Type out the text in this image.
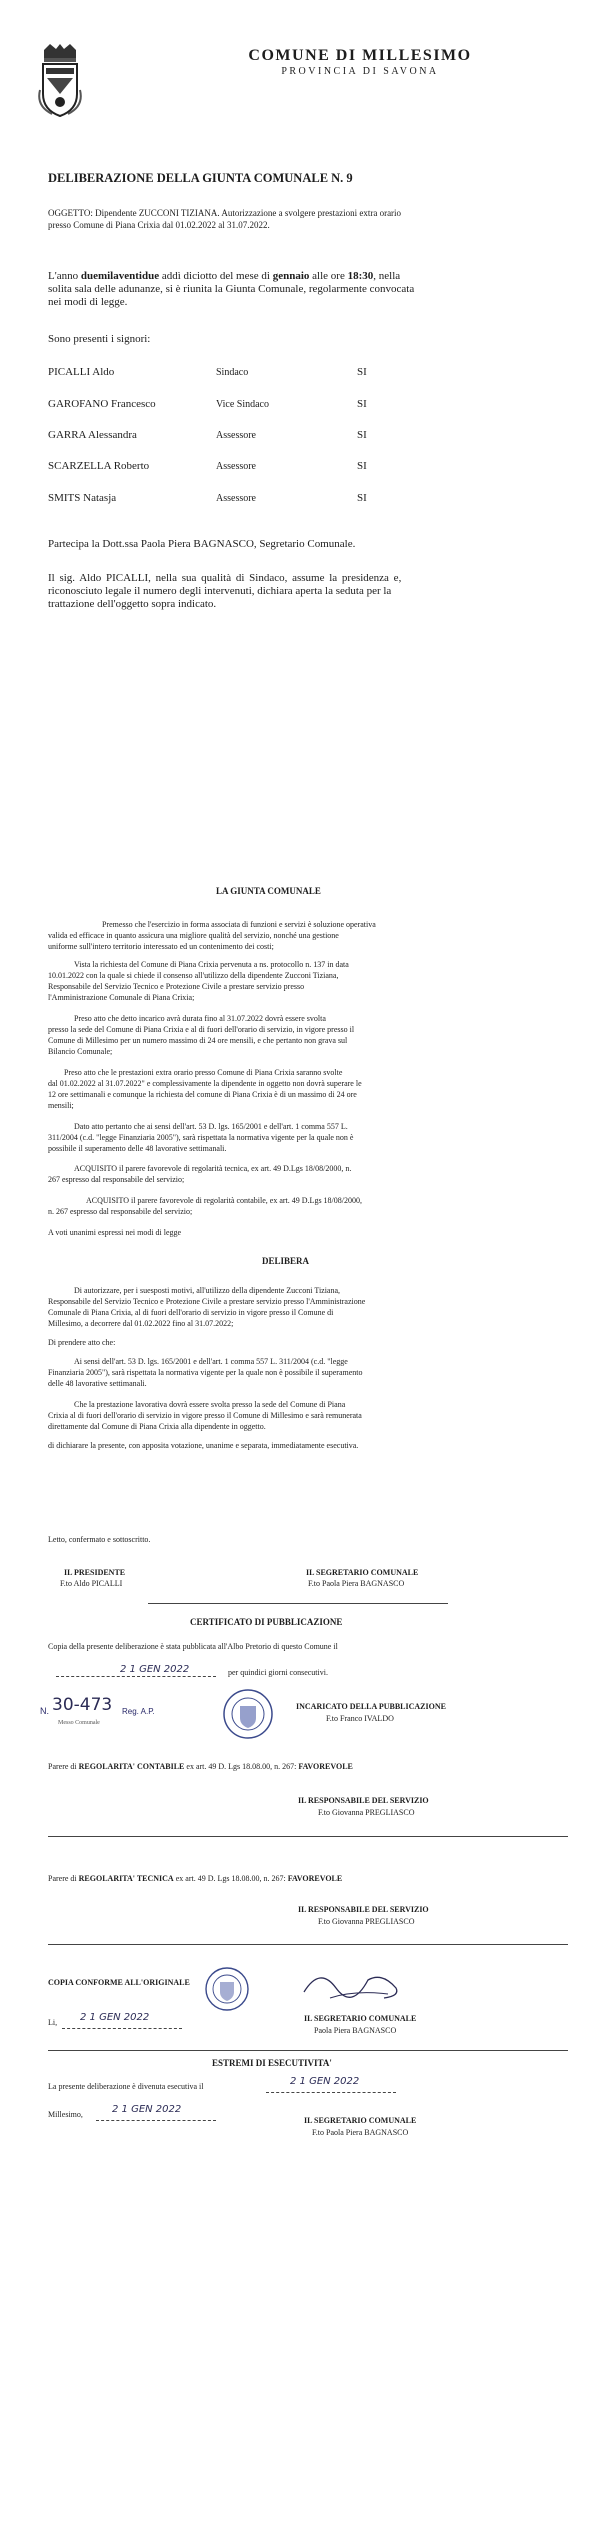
COMUNE DI MILLESIMO
PROVINCIA DI SAVONA
DELIBERAZIONE DELLA GIUNTA COMUNALE N. 9
OGGETTO: Dipendente ZUCCONI TIZIANA. Autorizzazione a svolgere prestazioni extra orario
presso Comune di Piana Crixia dal 01.02.2022 al 31.07.2022.
L'anno duemilaventidue addì diciotto del mese di gennaio alle ore 18:30, nella
solita sala delle adunanze, si è riunita la Giunta Comunale, regolarmente convocata
nei modi di legge.
Sono presenti i signori:
PICALLI Aldo	Sindaco	SI
GAROFANO Francesco	Vice Sindaco	SI
GARRA Alessandra	Assessore	SI
SCARZELLA Roberto	Assessore	SI
SMITS Natasja	Assessore	SI
Partecipa la Dott.ssa Paola Piera BAGNASCO, Segretario Comunale.
Il sig. Aldo PICALLI, nella sua qualità di Sindaco, assume la presidenza e,
riconosciuto legale il numero degli intervenuti, dichiara aperta la seduta per la
trattazione dell'oggetto sopra indicato.
LA GIUNTA COMUNALE
Premesso che l'esercizio in forma associata di funzioni e servizi è soluzione operativa
valida ed efficace in quanto assicura una migliore qualità del servizio, nonché una gestione
uniforme sull'intero territorio interessato ed un contenimento dei costi;
Vista la richiesta del Comune di Piana Crixia pervenuta a ns. protocollo n. 137 in data
10.01.2022 con la quale si chiede il consenso all'utilizzo della dipendente Zucconi Tiziana,
Responsabile del Servizio Tecnico e Protezione Civile a prestare servizio presso
l'Amministrazione Comunale di Piana Crixia;
Preso atto che detto incarico avrà durata fino al 31.07.2022 dovrà essere svolta
presso la sede del Comune di Piana Crixia e al di fuori dell'orario di servizio, in vigore presso il
Comune di Millesimo per un numero massimo di 24 ore mensili, e che pertanto non grava sul
Bilancio Comunale;
Preso atto che le prestazioni extra orario presso Comune di Piana Crixia saranno svolte
dal 01.02.2022 al 31.07.2022" e complessivamente la dipendente in oggetto non dovrà superare le
12 ore settimanali e comunque la richiesta del comune di Piana Crixia è di un massimo di 24 ore
mensili;
Dato atto pertanto che ai sensi dell'art. 53 D. lgs. 165/2001 e dell'art. 1 comma 557 L.
311/2004 (c.d. "legge Finanziaria 2005"), sarà rispettata la normativa vigente per la quale non è
possibile il superamento delle 48 lavorative settimanali.
ACQUISITO il parere favorevole di regolarità tecnica, ex art. 49 D.Lgs 18/08/2000, n.
267 espresso dal responsabile del servizio;
ACQUISITO il parere favorevole di regolarità contabile, ex art. 49 D.Lgs 18/08/2000,
n. 267 espresso dal responsabile del servizio;
A voti unanimi espressi nei modi di legge
DELIBERA
Di autorizzare, per i suesposti motivi, all'utilizzo della dipendente Zucconi Tiziana,
Responsabile del Servizio Tecnico e Protezione Civile a prestare servizio presso l'Amministrazione
Comunale di Piana Crixia, al di fuori dell'orario di servizio in vigore presso il Comune di
Millesimo, a decorrere dal 01.02.2022 fino al 31.07.2022;
Di prendere atto che:
Ai sensi dell'art. 53 D. lgs. 165/2001 e dell'art. 1 comma 557 L. 311/2004 (c.d. "legge
Finanziaria 2005"), sarà rispettata la normativa vigente per la quale non è possibile il superamento
delle 48 lavorative settimanali.
Che la prestazione lavorativa dovrà essere svolta presso la sede del Comune di Piana
Crixia al di fuori dell'orario di servizio in vigore presso il Comune di Millesimo e sarà remunerata
direttamente dal Comune di Piana Crixia alla dipendente in oggetto.
di dichiarare la presente, con apposita votazione, unanime e separata, immediatamente esecutiva.
Letto, confermato e sottoscritto.
IL PRESIDENTE
F.to Aldo PICALLI
IL SEGRETARIO COMUNALE
F.to Paola Piera BAGNASCO
CERTIFICATO DI PUBBLICAZIONE
Copia della presente deliberazione è stata pubblicata all'Albo Pretorio di questo Comune il
2 1 GEN 2022	per quindici giorni consecutivi.
N. 30-473 Reg. A.P.
Messo Comunale
INCARICATO DELLA PUBBLICAZIONE
F.to Franco IVALDO
Parere di REGOLARITA' CONTABILE ex art. 49 D. Lgs 18.08.00, n. 267: FAVOREVOLE
IL RESPONSABILE DEL SERVIZIO
F.to Giovanna PREGLIASCO
Parere di REGOLARITA' TECNICA ex art. 49 D. Lgs 18.08.00, n. 267: FAVOREVOLE
IL RESPONSABILE DEL SERVIZIO
F.to Giovanna PREGLIASCO
COPIA CONFORME ALL'ORIGINALE
Li, 2 1 GEN 2022	IL SEGRETARIO COMUNALE
Paola Piera BAGNASCO
ESTREMI DI ESECUTIVITA'
La presente deliberazione è divenuta esecutiva il	2 1 GEN 2022
Millesimo,	2 1 GEN 2022
IL SEGRETARIO COMUNALE
F.to Paola Piera BAGNASCO
